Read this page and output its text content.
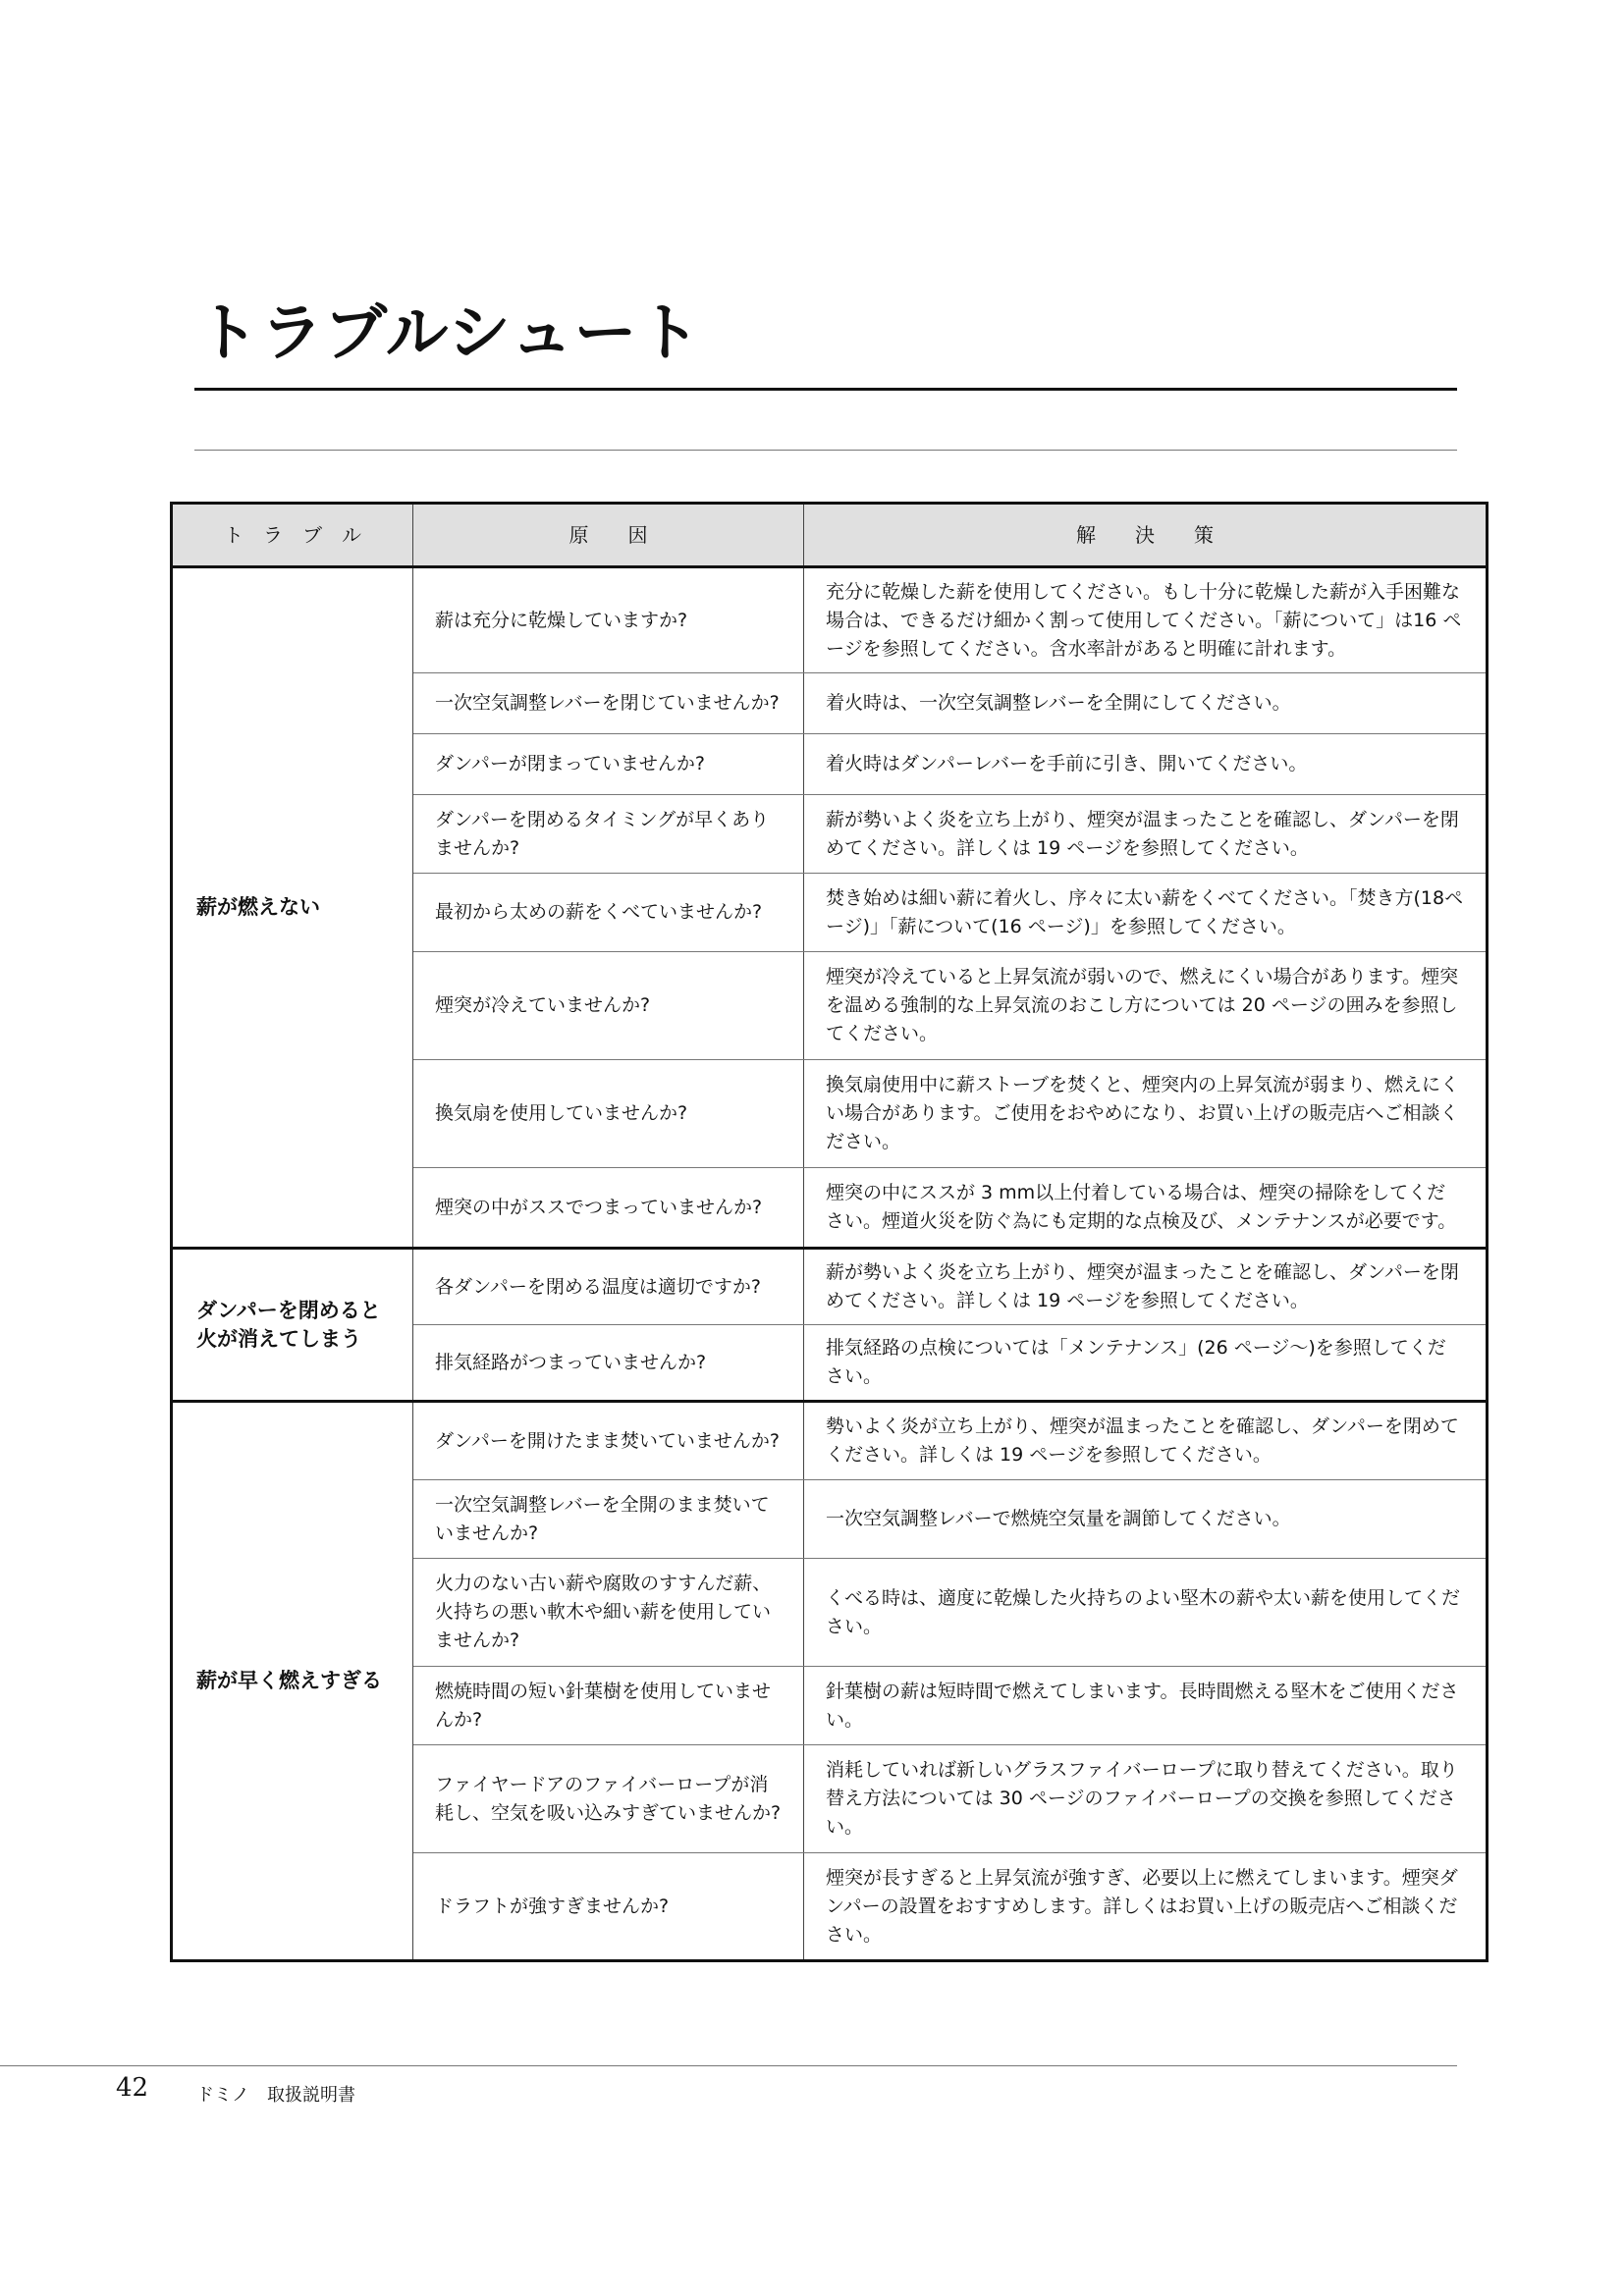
トラブルシュート
ト　ラ　ブ　ル	原　　因	解　　決　　策
薪が燃えない	薪は充分に乾燥していますか?	充分に乾燥した薪を使用してください。もし十分に乾燥した薪が入手困難な場合は、できるだけ細かく割って使用してください。「薪について」は16 ページを参照してください。含水率計があると明確に計れます。
	一次空気調整レバーを閉じていませんか?	着火時は、一次空気調整レバーを全開にしてください。
	ダンパーが閉まっていませんか?	着火時はダンパーレバーを手前に引き、開いてください。
	ダンパーを閉めるタイミングが早くありませんか?	薪が勢いよく炎を立ち上がり、煙突が温まったことを確認し、ダンパーを閉めてください。詳しくは 19 ページを参照してください。
	最初から太めの薪をくべていませんか?	焚き始めは細い薪に着火し、序々に太い薪をくべてください。「焚き方(18ページ)」「薪について(16 ページ)」を参照してください。
	煙突が冷えていませんか?	煙突が冷えていると上昇気流が弱いので、燃えにくい場合があります。煙突を温める強制的な上昇気流のおこし方については 20 ページの囲みを参照してください。
	換気扇を使用していませんか?	換気扇使用中に薪ストーブを焚くと、煙突内の上昇気流が弱まり、燃えにくい場合があります。ご使用をおやめになり、お買い上げの販売店へご相談ください。
	煙突の中がススでつまっていませんか?	煙突の中にススが 3 mm以上付着している場合は、煙突の掃除をしてください。煙道火災を防ぐ為にも定期的な点検及び、メンテナンスが必要です。
ダンパーを閉めると火が消えてしまう	各ダンパーを閉める温度は適切ですか?	薪が勢いよく炎を立ち上がり、煙突が温まったことを確認し、ダンパーを閉めてください。詳しくは 19 ページを参照してください。
	排気経路がつまっていませんか?	排気経路の点検については「メンテナンス」(26 ページ〜)を参照してください。
薪が早く燃えすぎる	ダンパーを開けたまま焚いていませんか?	勢いよく炎が立ち上がり、煙突が温まったことを確認し、ダンパーを閉めてください。詳しくは 19 ページを参照してください。
	一次空気調整レバーを全開のまま焚いていませんか?	一次空気調整レバーで燃焼空気量を調節してください。
	火力のない古い薪や腐敗のすすんだ薪、火持ちの悪い軟木や細い薪を使用していませんか?	くべる時は、適度に乾燥した火持ちのよい堅木の薪や太い薪を使用してください。
	燃焼時間の短い針葉樹を使用していませんか?	針葉樹の薪は短時間で燃えてしまいます。長時間燃える堅木をご使用ください。
	ファイヤードアのファイバーロープが消耗し、空気を吸い込みすぎていませんか?	消耗していれば新しいグラスファイバーロープに取り替えてください。取り替え方法については 30 ページのファイバーロープの交換を参照してください。
	ドラフトが強すぎませんか?	煙突が長すぎると上昇気流が強すぎ、必要以上に燃えてしまいます。煙突ダンパーの設置をおすすめします。詳しくはお買い上げの販売店へご相談ください。
42	ドミノ　取扱説明書
